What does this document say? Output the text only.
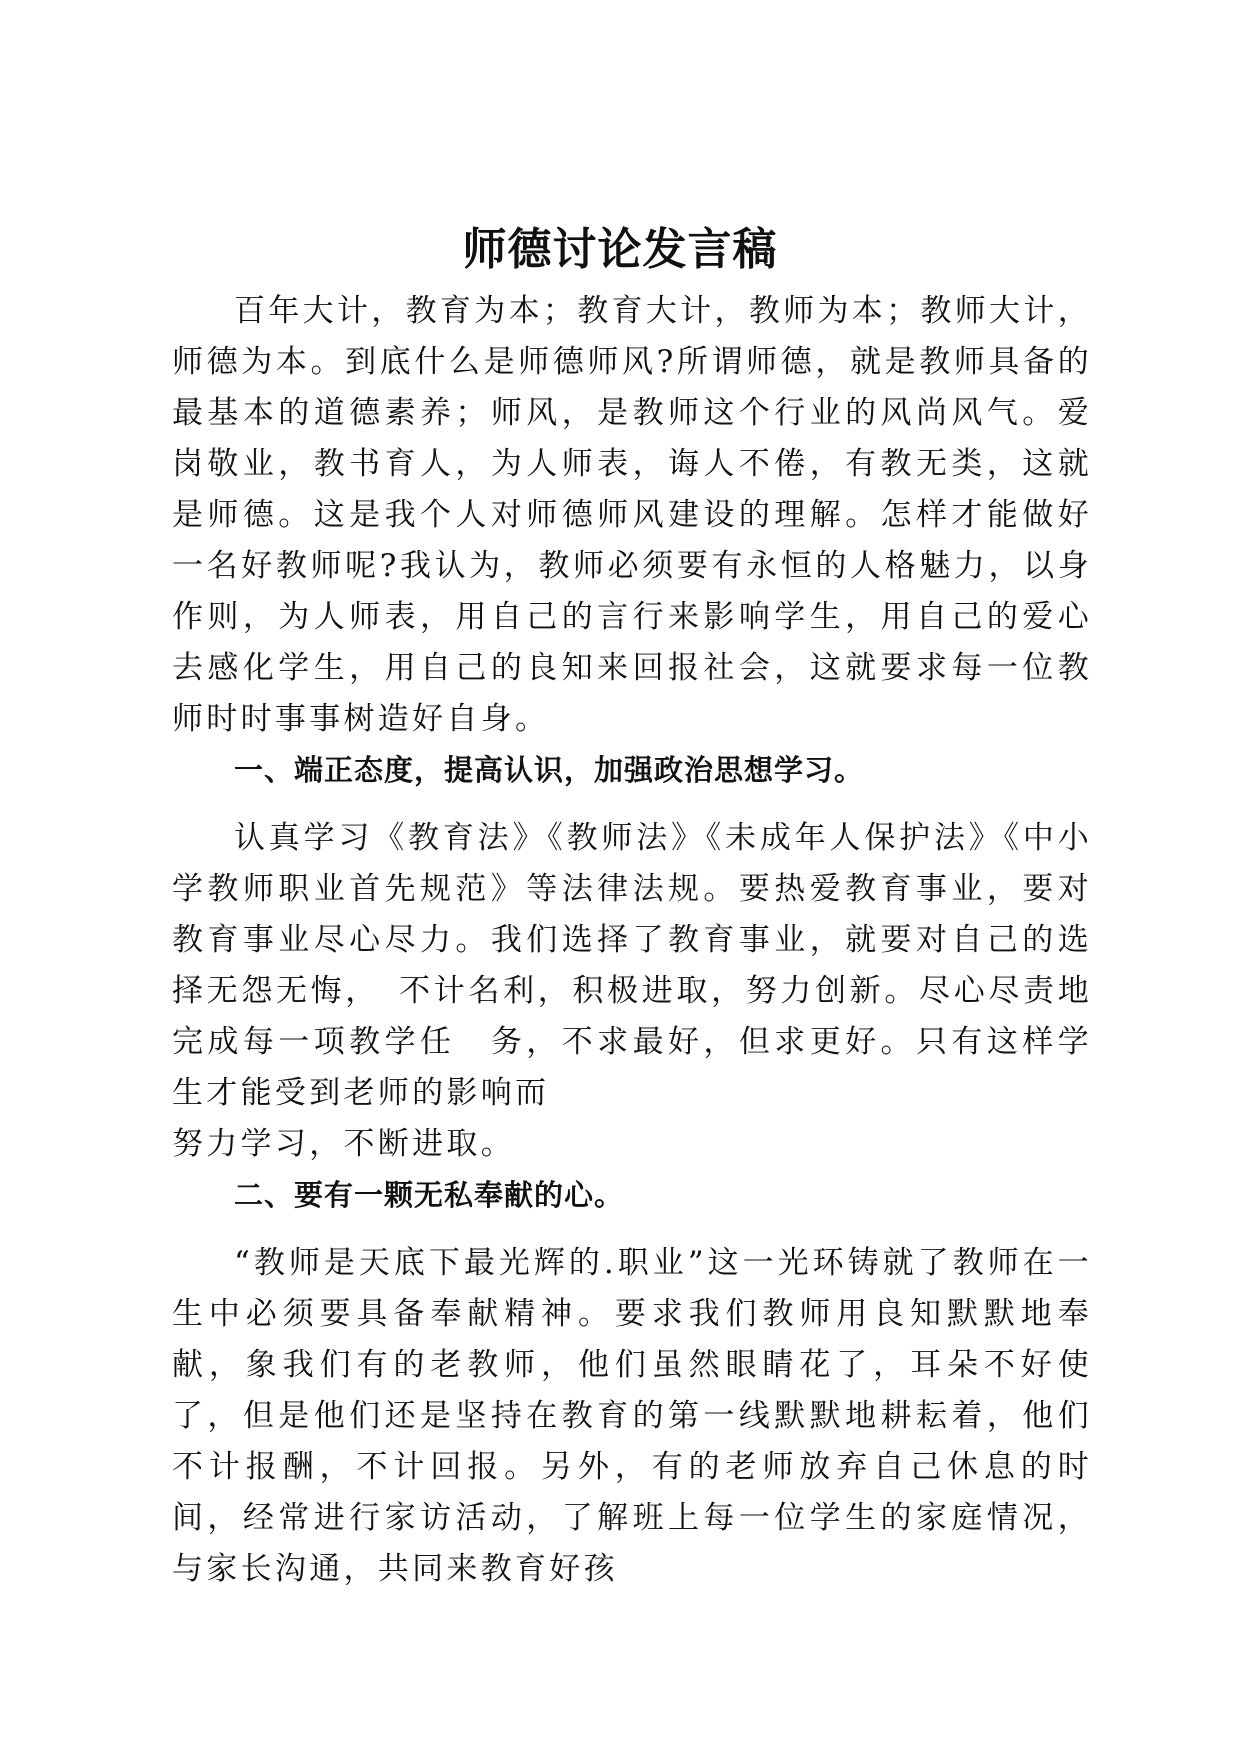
师德讨论发言稿

百年大计，教育为本；教育大计，教师为本；教师大计，师德为本。到底什么是师德师风?所谓师德，就是教师具备的最基本的道德素养；师风，是教师这个行业的风尚风气。爱岗敬业，教书育人，为人师表，诲人不倦，有教无类，这就是师德。这是我个人对师德师风建设的理解。怎样才能做好一名好教师呢?我认为，教师必须要有永恒的人格魅力，以身作则，为人师表，用自己的言行来影响学生，用自己的爱心去感化学生，用自己的良知来回报社会，这就要求每一位教师时时事事树造好自身。

一、端正态度，提高认识，加强政治思想学习。

认真学习《教育法》《教师法》《未成年人保护法》《中小学教师职业首先规范》等法律法规。要热爱教育事业，要对教育事业尽心尽力。我们选择了教育事业，就要对自己的选择无怨无悔，　不计名利，积极进取，努力创新。尽心尽责地完成每一项教学任　务，不求最好，但求更好。只有这样学生才能受到老师的影响而

努力学习，不断进取。

二、要有一颗无私奉献的心。

“教师是天底下最光辉的.职业”这一光环铸就了教师在一生中必须要具备奉献精神。要求我们教师用良知默默地奉献，象我们有的老教师，他们虽然眼睛花了，耳朵不好使了，但是他们还是坚持在教育的第一线默默地耕耘着，他们不计报酬，不计回报。另外，有的老师放弃自己休息的时间，经常进行家访活动，了解班上每一位学生的家庭情况，与家长沟通，共同来教育好孩
